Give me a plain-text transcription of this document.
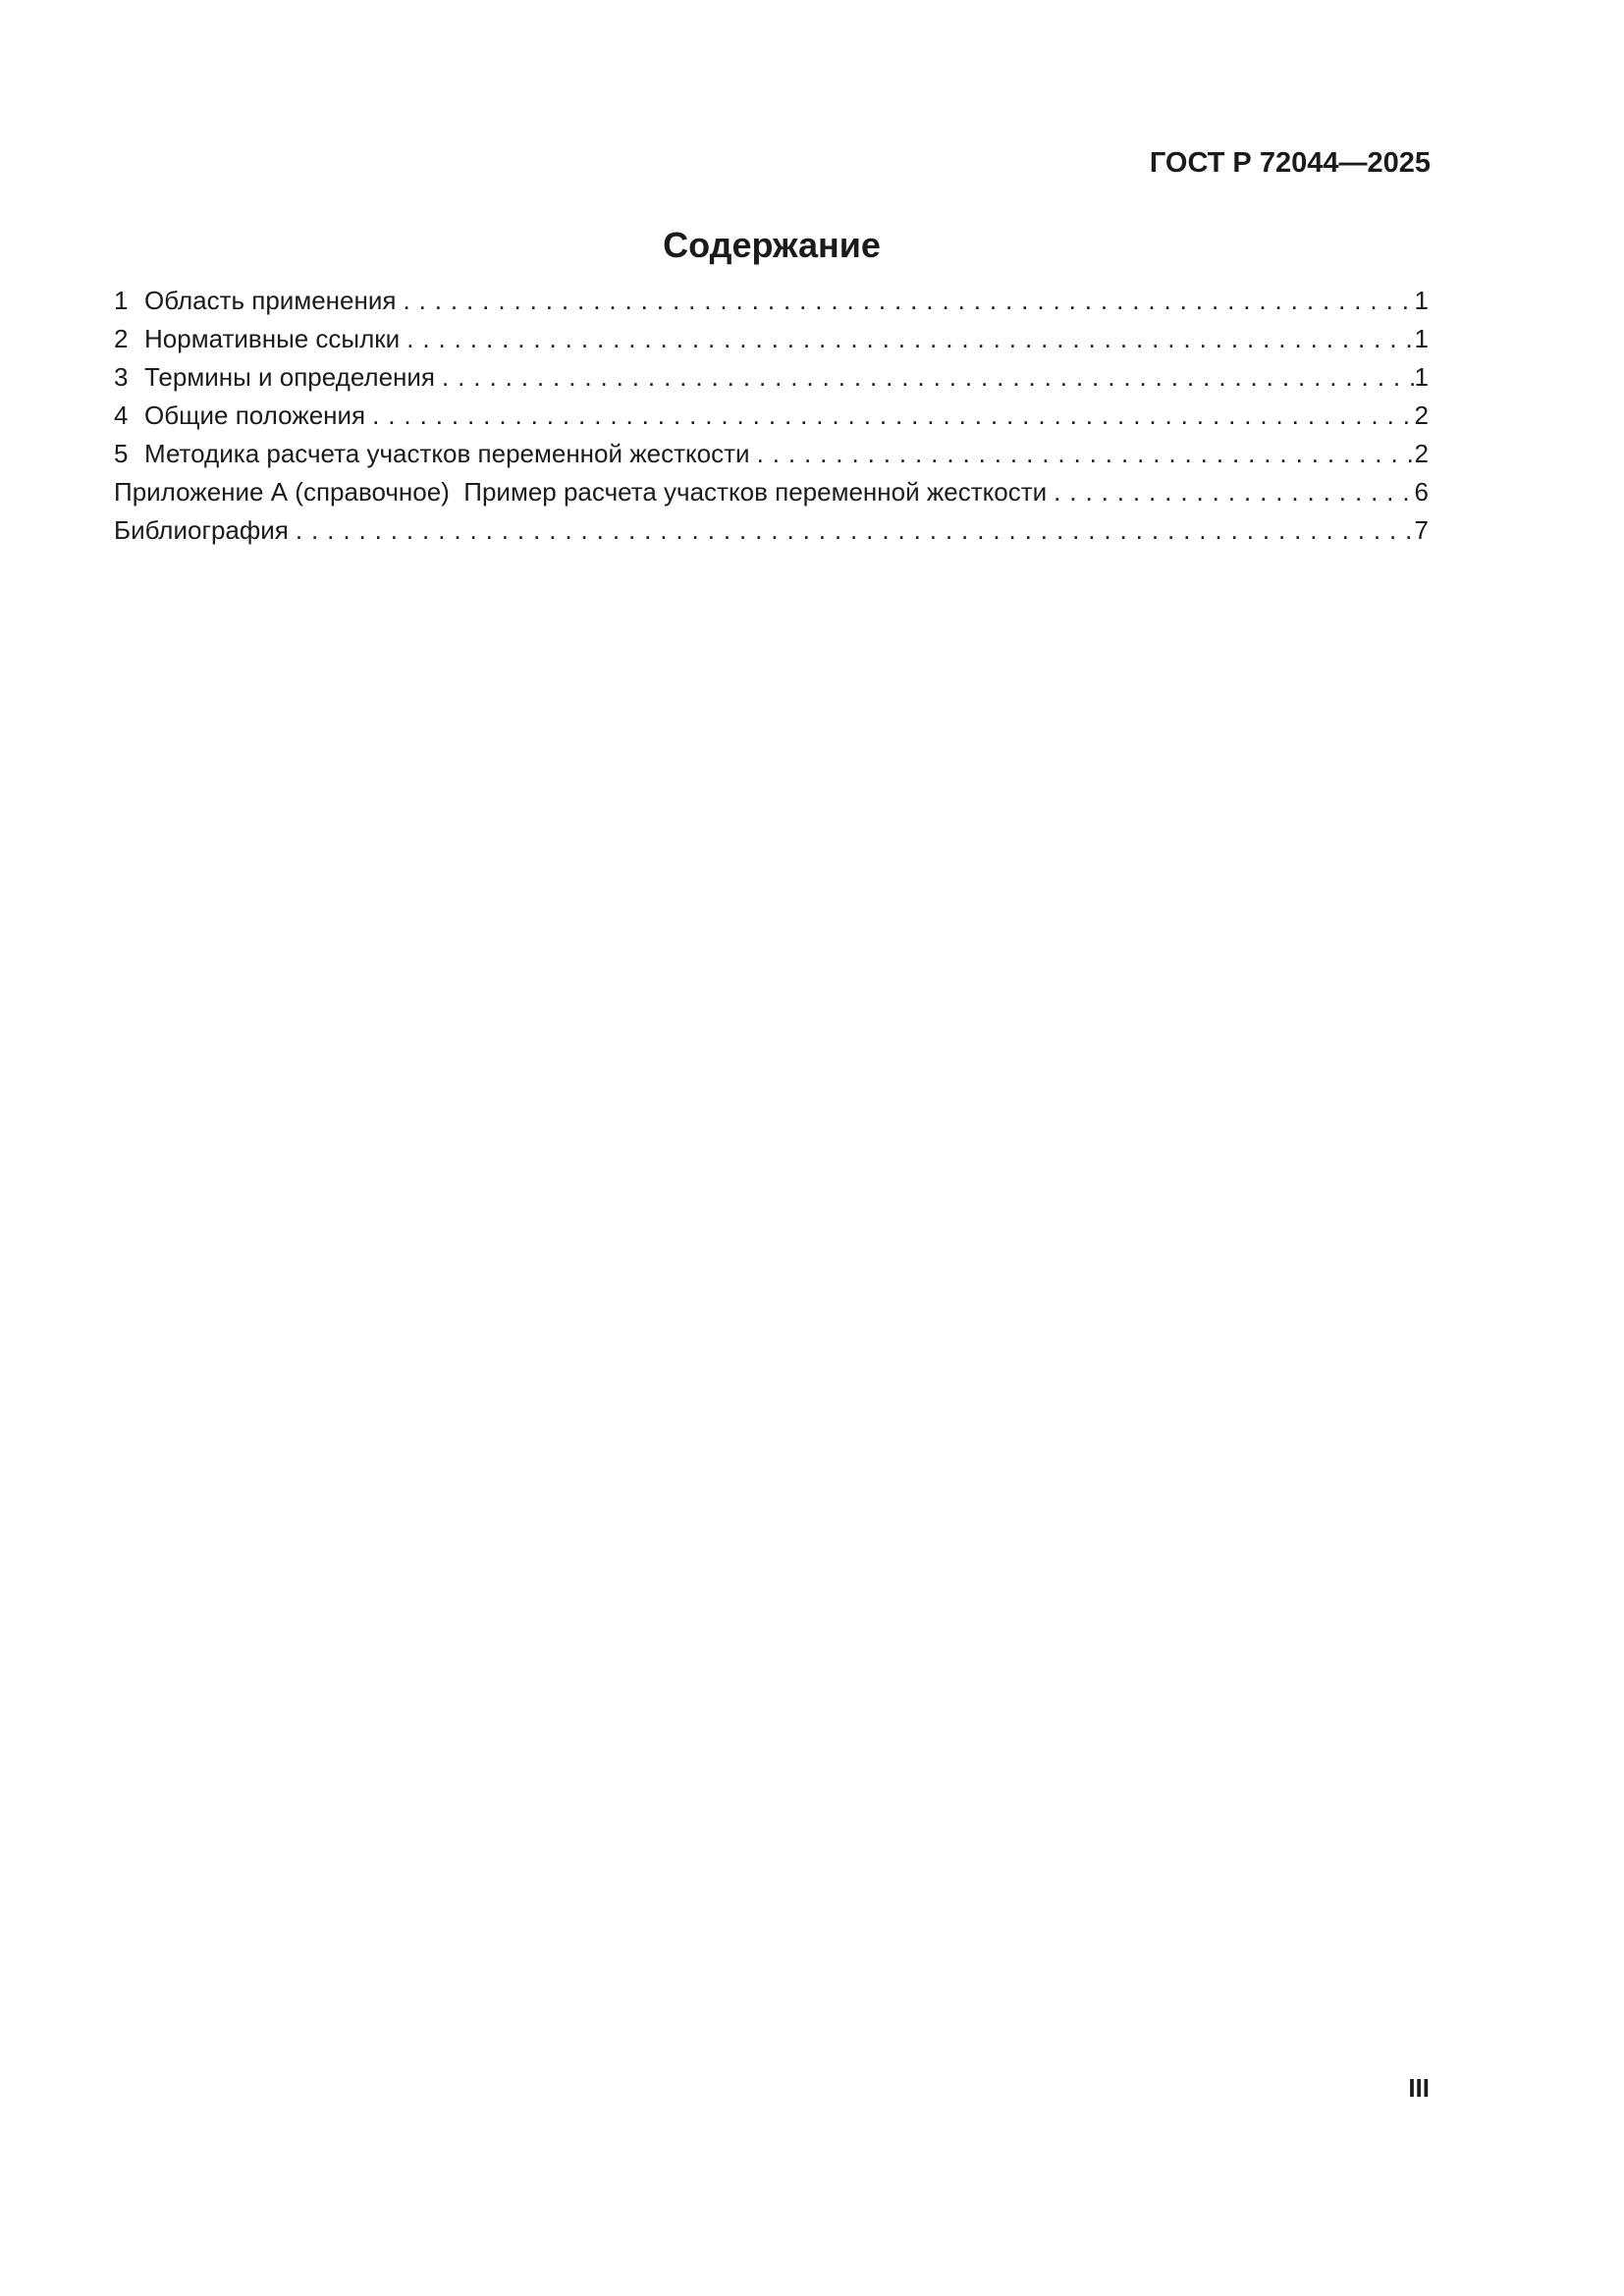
ГОСТ Р 72044—2025
Содержание
1 Область применения . . .	1
2 Нормативные ссылки . . .	1
3 Термины и определения . . .	1
4 Общие положения . . .	2
5 Методика расчета участков переменной жесткости . . .	2
Приложение А (справочное)  Пример расчета участков переменной жесткости . . .	6
Библиография . . .	7
III
